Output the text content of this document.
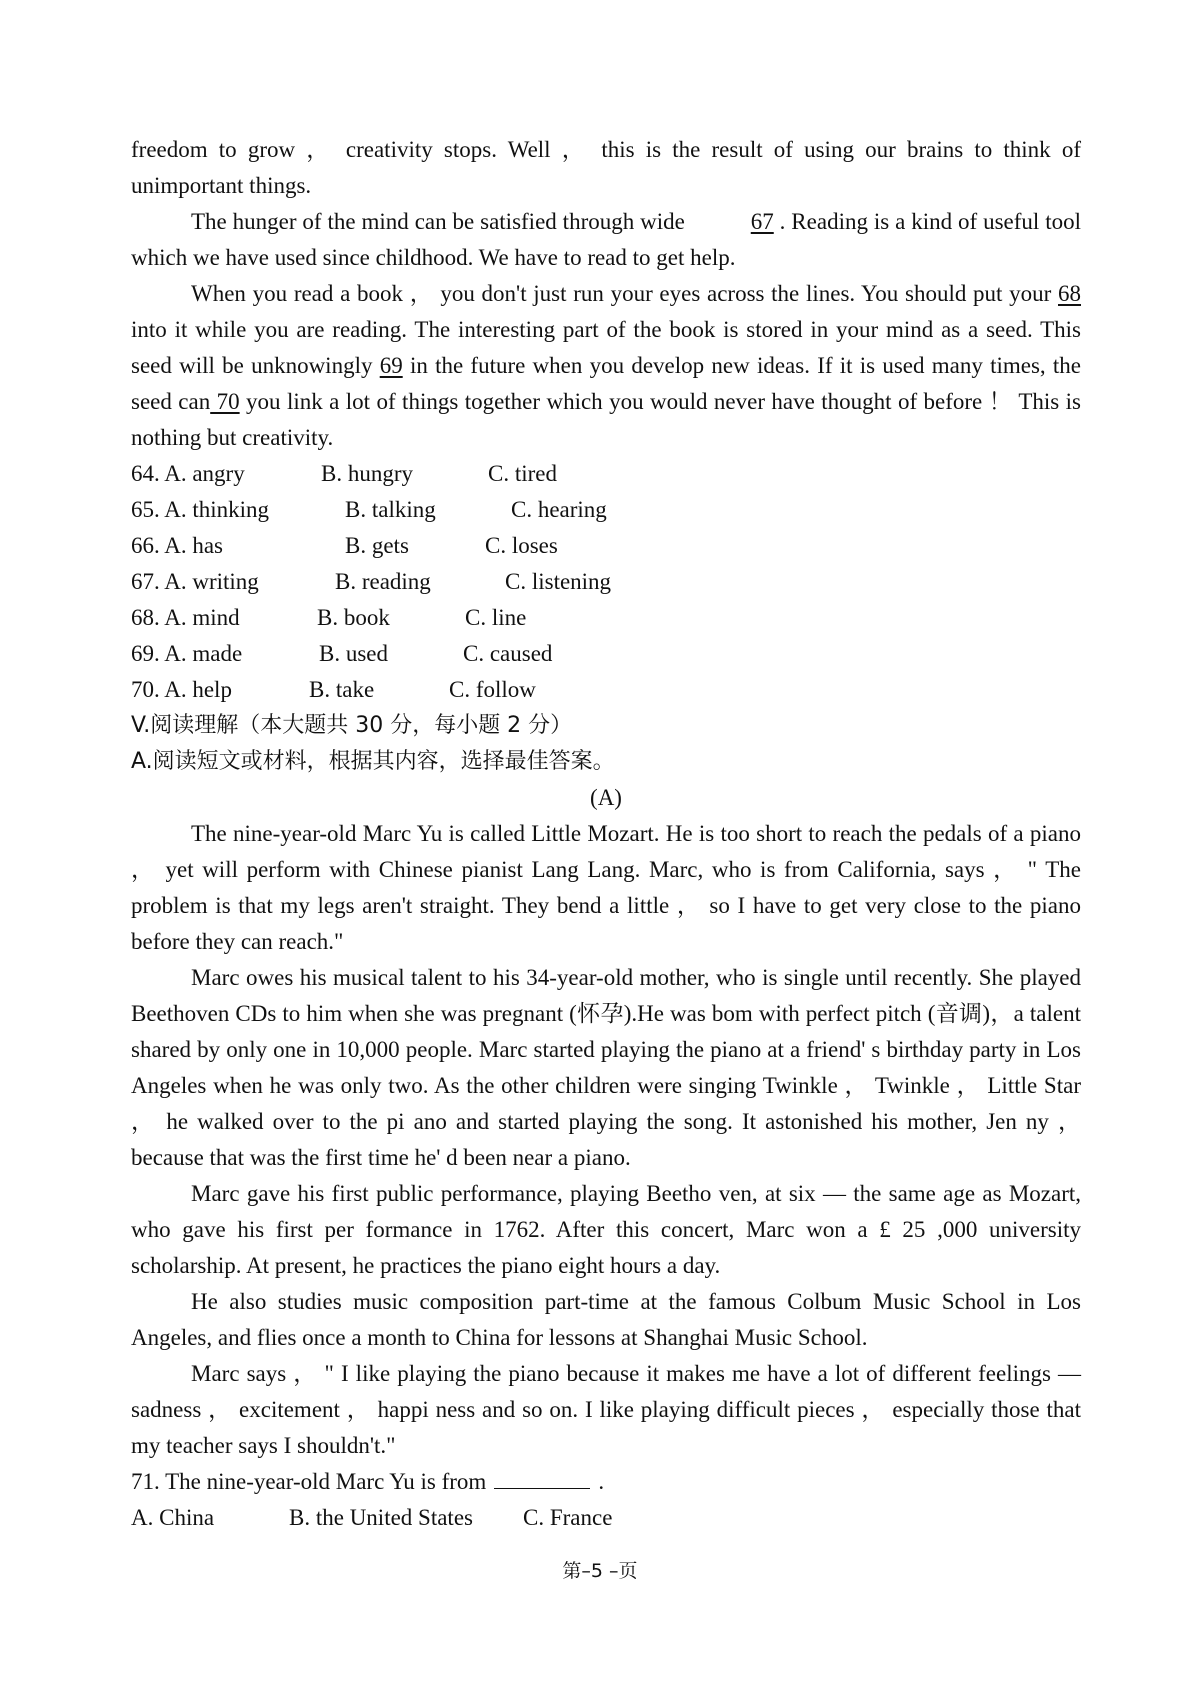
freedom to grow ， creativity stops. Well ， this is the result of using our brains to think of unimportant things.

The hunger of the mind can be satisfied through wide	67 . Reading is a kind of useful tool which we have used since childhood. We have to read to get help.

When you read a book ， you don't just run your eyes across the lines. You should put your 68 into it while you are reading. The interesting part of the book is stored in your mind as a seed. This seed will be unknowingly 69 in the future when you develop new ideas. If it is used many times, the seed can 70 you link a lot of things together which you would never have thought of before ！ This is nothing but creativity.

64. A. angry	B. hungry	C. tired
65. A. thinking	B. talking	C. hearing
66. A. has	B. gets	C. loses
67. A. writing	B. reading	C. listening
68. A. mind	B. book	C. line
69. A. made	B. used	C. caused
70. A. help	B. take	C. follow

V.阅读理解（本大题共 30 分，每小题 2 分）

A.阅读短文或材料，根据其内容，选择最佳答案。

(A)

The nine-year-old Marc Yu is called Little Mozart. He is too short to reach the pedals of a piano ， yet will perform with Chinese pianist Lang Lang. Marc, who is from California, says ， " The problem is that my legs aren't straight. They bend a little ， so I have to get very close to the piano before they can reach."

Marc owes his musical talent to his 34-year-old mother, who is single until recently. She played Beethoven CDs to him when she was pregnant (怀孕).He was bom with perfect pitch (音调)，a talent shared by only one in 10,000 people. Marc started playing the piano at a friend' s birthday party in Los Angeles when he was only two. As the other children were singing Twinkle ， Twinkle ， Little Star ， he walked over to the pi ano and started playing the song. It astonished his mother, Jen ny ， because that was the first time he' d been near a piano.

Marc gave his first public performance, playing Beetho ven, at six — the same age as Mozart, who gave his first per formance in 1762. After this concert, Marc won a £ 25 ,000 university scholarship. At present, he practices the piano eight hours a day.

He also studies music composition part-time at the famous Colbum Music School in Los Angeles, and flies once a month to China for lessons at Shanghai Music School.

Marc says ， " I like playing the piano because it makes me have a lot of different feelings — sadness ， excitement ， happi ness and so on. I like playing difficult pieces ， especially those that my teacher says I shouldn't."

71. The nine-year-old Marc Yu is from	.

A. China	B. the United States C. France
第–5 –页
